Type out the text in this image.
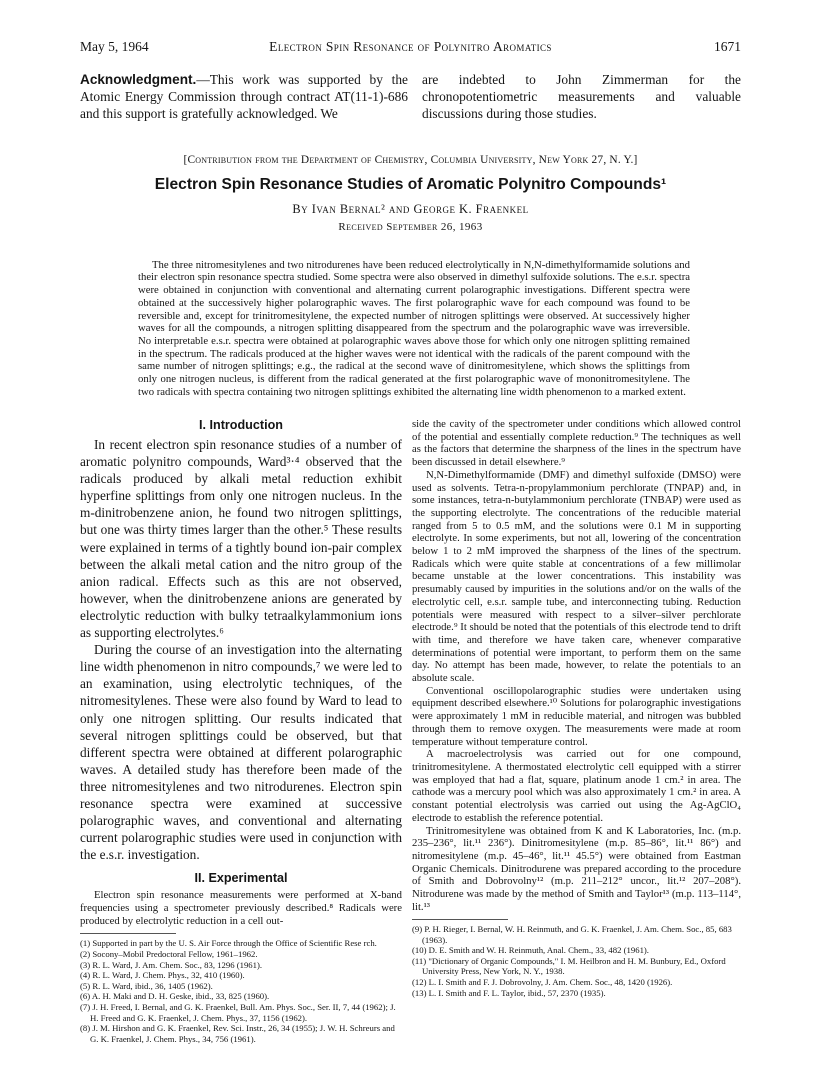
May 5, 1964	Electron Spin Resonance of Polynitro Aromatics	1671
Acknowledgment.—This work was supported by the Atomic Energy Commission through contract AT(11-1)-686 and this support is gratefully acknowledged. We
are indebted to John Zimmerman for the chronopotentiometric measurements and valuable discussions during those studies.
[Contribution from the Department of Chemistry, Columbia University, New York 27, N. Y.]
Electron Spin Resonance Studies of Aromatic Polynitro Compounds¹
By Ivan Bernal² and George K. Fraenkel
Received September 26, 1963

The three nitromesitylenes and two nitrodurenes have been reduced electrolytically in N,N-dimethylformamide solutions and their electron spin resonance spectra studied. Some spectra were also observed in dimethyl sulfoxide solutions. The e.s.r. spectra were obtained in conjunction with conventional and alternating current polarographic investigations. Different spectra were obtained at the successively higher polarographic waves. The first polarographic wave for each compound was found to be reversible and, except for trinitromesitylene, the expected number of nitrogen splittings were observed. At successively higher waves for all the compounds, a nitrogen splitting disappeared from the spectrum and the polarographic wave was irreversible. No interpretable e.s.r. spectra were obtained at polarographic waves above those for which only one nitrogen splitting remained in the spectrum. The radicals produced at the higher waves were not identical with the radicals of the parent compound with the same number of nitrogen splittings; e.g., the radical at the second wave of dinitromesitylene, which shows the splittings from only one nitrogen nucleus, is different from the radical generated at the first polarographic wave of mononitromesitylene. The two radicals with spectra containing two nitrogen splittings exhibited the alternating line width phenomenon to a marked extent.

I. Introduction

In recent electron spin resonance studies of a number of aromatic polynitro compounds, Ward³·⁴ observed that the radicals produced by alkali metal reduction exhibit hyperfine splittings from only one nitrogen nucleus. In the m-dinitrobenzene anion, he found two nitrogen splittings, but one was thirty times larger than the other.⁵ These results were explained in terms of a tightly bound ion-pair complex between the alkali metal cation and the nitro group of the anion radical. Effects such as this are not observed, however, when the dinitrobenzene anions are generated by electrolytic reduction with bulky tetraalkylammonium ions as supporting electrolytes.⁶

During the course of an investigation into the alternating line width phenomenon in nitro compounds,⁷ we were led to an examination, using electrolytic techniques, of the nitromesitylenes. These were also found by Ward to lead to only one nitrogen splitting. Our results indicated that several nitrogen splittings could be observed, but that different spectra were obtained at different polarographic waves. A detailed study has therefore been made of the three nitromesitylenes and two nitrodurenes. Electron spin resonance spectra were examined at successive polarographic waves, and conventional and alternating current polarographic studies were used in conjunction with the e.s.r. investigation.

II. Experimental

Electron spin resonance measurements were performed at X-band frequencies using a spectrometer previously described.⁸ Radicals were produced by electrolytic reduction in a cell out-

(1) Supported in part by the U. S. Air Force through the Office of Scientific Rese rch.

(2) Socony–Mobil Predoctoral Fellow, 1961–1962.

(3) R. L. Ward, J. Am. Chem. Soc., 83, 1296 (1961).

(4) R. L. Ward, J. Chem. Phys., 32, 410 (1960).

(5) R. L. Ward, ibid., 36, 1405 (1962).

(6) A. H. Maki and D. H. Geske, ibid., 33, 825 (1960).

(7) J. H. Freed, I. Bernal, and G. K. Fraenkel, Bull. Am. Phys. Soc., Ser. II, 7, 44 (1962); J. H. Freed and G. K. Fraenkel, J. Chem. Phys., 37, 1156 (1962).

(8) J. M. Hirshon and G. K. Fraenkel, Rev. Sci. Instr., 26, 34 (1955); J. W. H. Schreurs and G. K. Fraenkel, J. Chem. Phys., 34, 756 (1961).

side the cavity of the spectrometer under conditions which allowed control of the potential and essentially complete reduction.⁹ The techniques as well as the factors that determine the sharpness of the lines in the spectrum have been discussed in detail elsewhere.⁹

N,N-Dimethylformamide (DMF) and dimethyl sulfoxide (DMSO) were used as solvents. Tetra-n-propylammonium perchlorate (TNPAP) and, in some instances, tetra-n-butylammonium perchlorate (TNBAP) were used as the supporting electrolyte. The concentrations of the reducible material ranged from 5 to 0.5 mM, and the solutions were 0.1 M in supporting electrolyte. In some experiments, but not all, lowering of the concentration below 1 to 2 mM improved the sharpness of the lines of the spectrum. Radicals which were quite stable at concentrations of a few millimolar became unstable at the lower concentrations. This instability was presumably caused by impurities in the solutions and/or on the walls of the electrolytic cell, e.s.r. sample tube, and interconnecting tubing. Reduction potentials were measured with respect to a silver–silver perchlorate electrode.⁹ It should be noted that the potentials of this electrode tend to drift with time, and therefore we have taken care, whenever comparative determinations of potential were important, to perform them on the same day. No attempt has been made, however, to relate the potentials to an absolute scale.

Conventional oscillopolarographic studies were undertaken using equipment described elsewhere.¹⁰ Solutions for polarographic investigations were approximately 1 mM in reducible material, and nitrogen was bubbled through them to remove oxygen. The measurements were made at room temperature without temperature control.

A macroelectrolysis was carried out for one compound, trinitromesitylene. A thermostated electrolytic cell equipped with a stirrer was employed that had a flat, square, platinum anode 1 cm.² in area. The cathode was a mercury pool which was also approximately 1 cm.² in area. A constant potential electrolysis was carried out using the Ag-AgClO₄ electrode to establish the reference potential.

Trinitromesitylene was obtained from K and K Laboratories, Inc. (m.p. 235–236°, lit.¹¹ 236°). Dinitromesitylene (m.p. 85–86°, lit.¹¹ 86°) and nitromesitylene (m.p. 45–46°, lit.¹¹ 45.5°) were obtained from Eastman Organic Chemicals. Dinitrodurene was prepared according to the procedure of Smith and Dobrovolny¹² (m.p. 211–212° uncor., lit.¹² 207–208°). Nitrodurene was made by the method of Smith and Taylor¹³ (m.p. 113–114°, lit.¹³

(9) P. H. Rieger, I. Bernal, W. H. Reinmuth, and G. K. Fraenkel, J. Am. Chem. Soc., 85, 683 (1963).

(10) D. E. Smith and W. H. Reinmuth, Anal. Chem., 33, 482 (1961).

(11) "Dictionary of Organic Compounds," I. M. Heilbron and H. M. Bunbury, Ed., Oxford University Press, New York, N. Y., 1938.

(12) L. I. Smith and F. J. Dobrovolny, J. Am. Chem. Soc., 48, 1420 (1926).

(13) L. I. Smith and F. L. Taylor, ibid., 57, 2370 (1935).
